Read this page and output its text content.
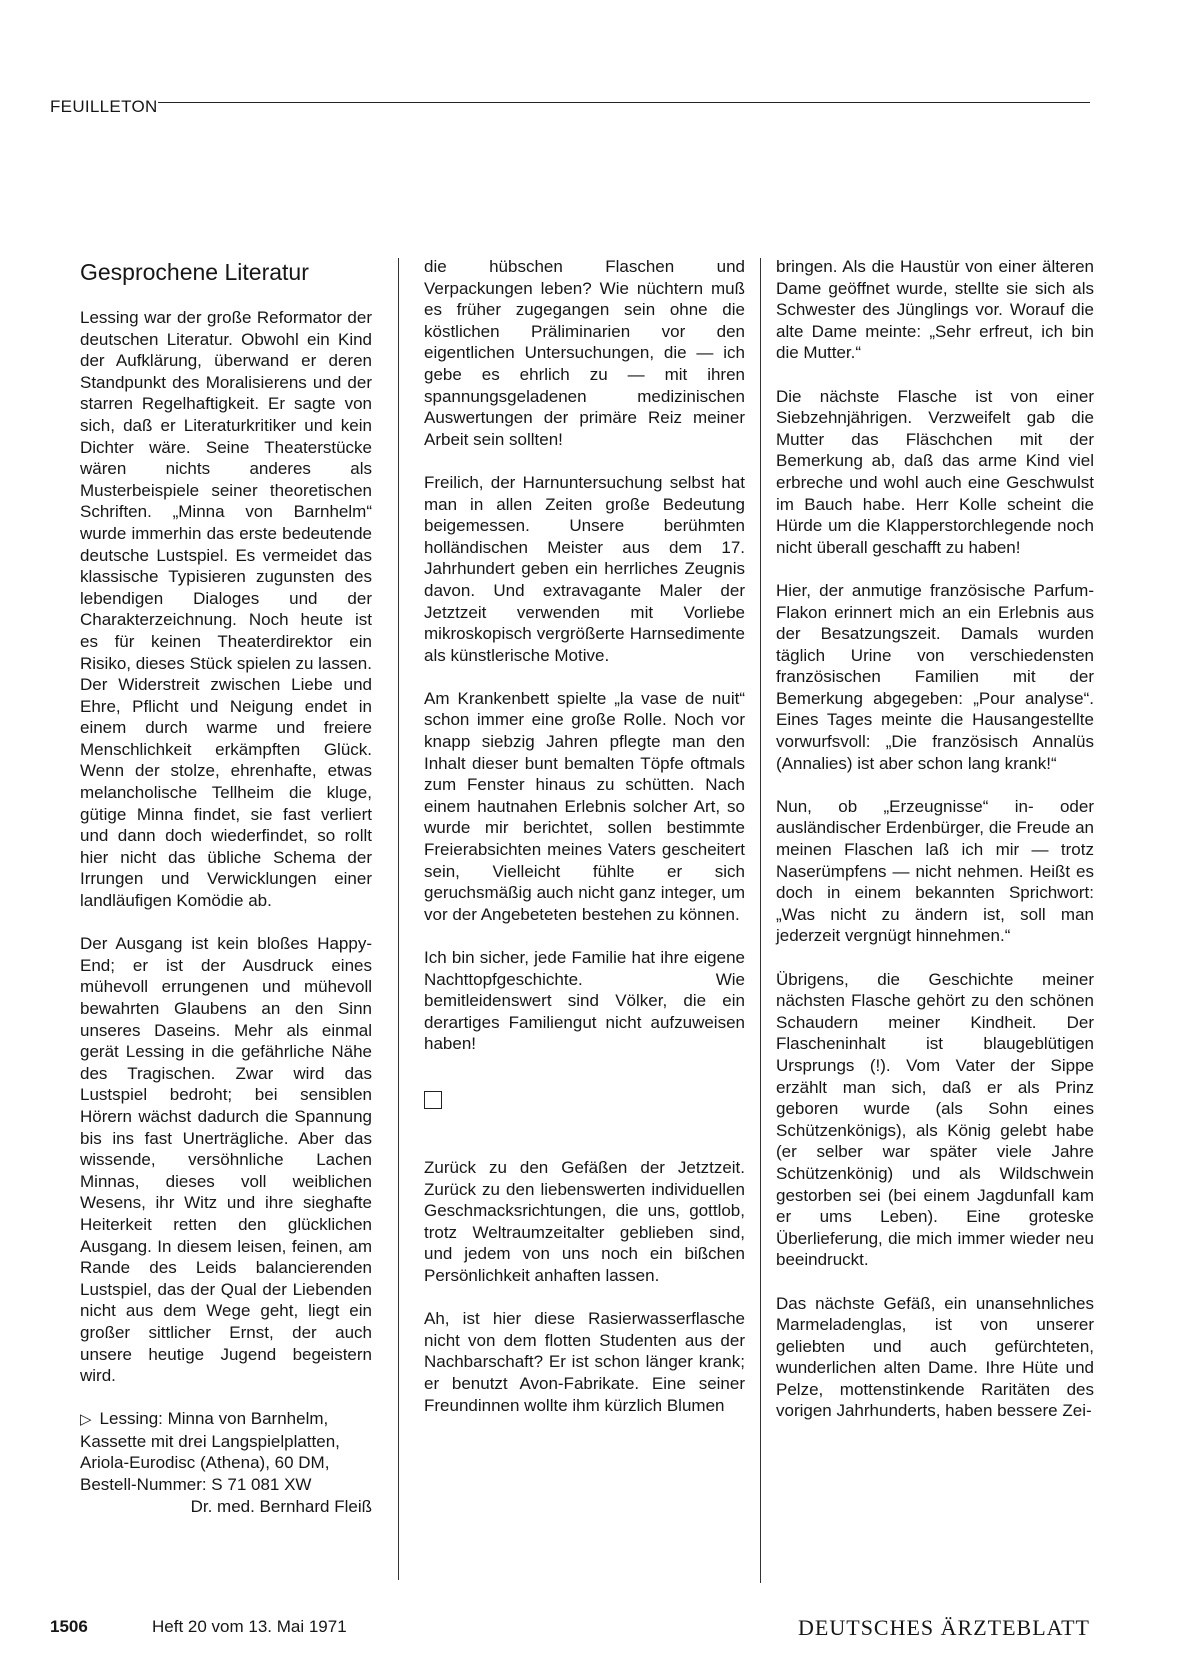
FEUILLETON
Gesprochene Literatur

Lessing war der große Reformator der deutschen Literatur. Obwohl ein Kind der Aufklärung, überwand er deren Standpunkt des Moralisierens und der starren Regelhaftigkeit. Er sagte von sich, daß er Literaturkritiker und kein Dichter wäre. Seine Theaterstücke wären nichts anderes als Musterbeispiele seiner theoretischen Schriften. „Minna von Barnhelm“ wurde immerhin das erste bedeutende deutsche Lustspiel. Es vermeidet das klassische Typisieren zugunsten des lebendigen Dialoges und der Charakterzeichnung. Noch heute ist es für keinen Theaterdirektor ein Risiko, dieses Stück spielen zu lassen. Der Widerstreit zwischen Liebe und Ehre, Pflicht und Neigung endet in einem durch warme und freiere Menschlichkeit erkämpften Glück. Wenn der stolze, ehrenhafte, etwas melancholische Tellheim die kluge, gütige Minna findet, sie fast verliert und dann doch wiederfindet, so rollt hier nicht das übliche Schema der Irrungen und Verwicklungen einer landläufigen Komödie ab.

Der Ausgang ist kein bloßes Happy-End; er ist der Ausdruck eines mühevoll errungenen und mühevoll bewahrten Glaubens an den Sinn unseres Daseins. Mehr als einmal gerät Lessing in die gefährliche Nähe des Tragischen. Zwar wird das Lustspiel bedroht; bei sensiblen Hörern wächst dadurch die Spannung bis ins fast Unerträgliche. Aber das wissende, versöhnliche Lachen Minnas, dieses voll weiblichen Wesens, ihr Witz und ihre sieghafte Heiterkeit retten den glücklichen Ausgang. In diesem leisen, feinen, am Rande des Leids balancierenden Lustspiel, das der Qual der Liebenden nicht aus dem Wege geht, liegt ein großer sittlicher Ernst, der auch unsere heutige Jugend begeistern wird.

▷ Lessing: Minna von Barnhelm,
Kassette mit drei Langspielplatten,
Ariola-Eurodisc (Athena), 60 DM,
Bestell-Nummer: S 71 081 XW
Dr. med. Bernhard Fleiß

die hübschen Flaschen und Verpackungen leben? Wie nüchtern muß es früher zugegangen sein ohne die köstlichen Präliminarien vor den eigentlichen Untersuchungen, die — ich gebe es ehrlich zu — mit ihren spannungsgeladenen medizinischen Auswertungen der primäre Reiz meiner Arbeit sein sollten!

Freilich, der Harnuntersuchung selbst hat man in allen Zeiten große Bedeutung beigemessen. Unsere berühmten holländischen Meister aus dem 17. Jahrhundert geben ein herrliches Zeugnis davon. Und extravagante Maler der Jetztzeit verwenden mit Vorliebe mikroskopisch vergrößerte Harnsedimente als künstlerische Motive.

Am Krankenbett spielte „la vase de nuit“ schon immer eine große Rolle. Noch vor knapp siebzig Jahren pflegte man den Inhalt dieser bunt bemalten Töpfe oftmals zum Fenster hinaus zu schütten. Nach einem hautnahen Erlebnis solcher Art, so wurde mir berichtet, sollen bestimmte Freierabsichten meines Vaters gescheitert sein, Vielleicht fühlte er sich geruchsmäßig auch nicht ganz integer, um vor der Angebeteten bestehen zu können.

Ich bin sicher, jede Familie hat ihre eigene Nachttopfgeschichte. Wie bemitleidenswert sind Völker, die ein derartiges Familiengut nicht aufzuweisen haben!

Zurück zu den Gefäßen der Jetztzeit. Zurück zu den liebenswerten individuellen Geschmacksrichtungen, die uns, gottlob, trotz Weltraumzeitalter geblieben sind, und jedem von uns noch ein bißchen Persönlichkeit anhaften lassen.

Ah, ist hier diese Rasierwasserflasche nicht von dem flotten Studenten aus der Nachbarschaft? Er ist schon länger krank; er benutzt Avon-Fabrikate. Eine seiner Freundinnen wollte ihm kürzlich Blumen

bringen. Als die Haustür von einer älteren Dame geöffnet wurde, stellte sie sich als Schwester des Jünglings vor. Worauf die alte Dame meinte: „Sehr erfreut, ich bin die Mutter.“

Die nächste Flasche ist von einer Siebzehnjährigen. Verzweifelt gab die Mutter das Fläschchen mit der Bemerkung ab, daß das arme Kind viel erbreche und wohl auch eine Geschwulst im Bauch habe. Herr Kolle scheint die Hürde um die Klapperstorchlegende noch nicht überall geschafft zu haben!

Hier, der anmutige französische Parfum-Flakon erinnert mich an ein Erlebnis aus der Besatzungszeit. Damals wurden täglich Urine von verschiedensten französischen Familien mit der Bemerkung abgegeben: „Pour analyse“. Eines Tages meinte die Hausangestellte vorwurfsvoll: „Die französisch Annalüs (Annalies) ist aber schon lang krank!“

Nun, ob „Erzeugnisse“ in- oder ausländischer Erdenbürger, die Freude an meinen Flaschen laß ich mir — trotz Naserümpfens — nicht nehmen. Heißt es doch in einem bekannten Sprichwort: „Was nicht zu ändern ist, soll man jederzeit vergnügt hinnehmen.“

Übrigens, die Geschichte meiner nächsten Flasche gehört zu den schönen Schaudern meiner Kindheit. Der Flascheninhalt ist blaugeblütigen Ursprungs (!). Vom Vater der Sippe erzählt man sich, daß er als Prinz geboren wurde (als Sohn eines Schützenkönigs), als König gelebt habe (er selber war später viele Jahre Schützenkönig) und als Wildschwein gestorben sei (bei einem Jagdunfall kam er ums Leben). Eine groteske Überlieferung, die mich immer wieder neu beeindruckt.

Das nächste Gefäß, ein unansehnliches Marmeladenglas, ist von unserer geliebten und auch gefürchteten, wunderlichen alten Dame. Ihre Hüte und Pelze, mottenstinkende Raritäten des vorigen Jahrhunderts, haben bessere Zei-

1506	Heft 20 vom 13. Mai 1971	DEUTSCHES ÄRZTEBLATT
